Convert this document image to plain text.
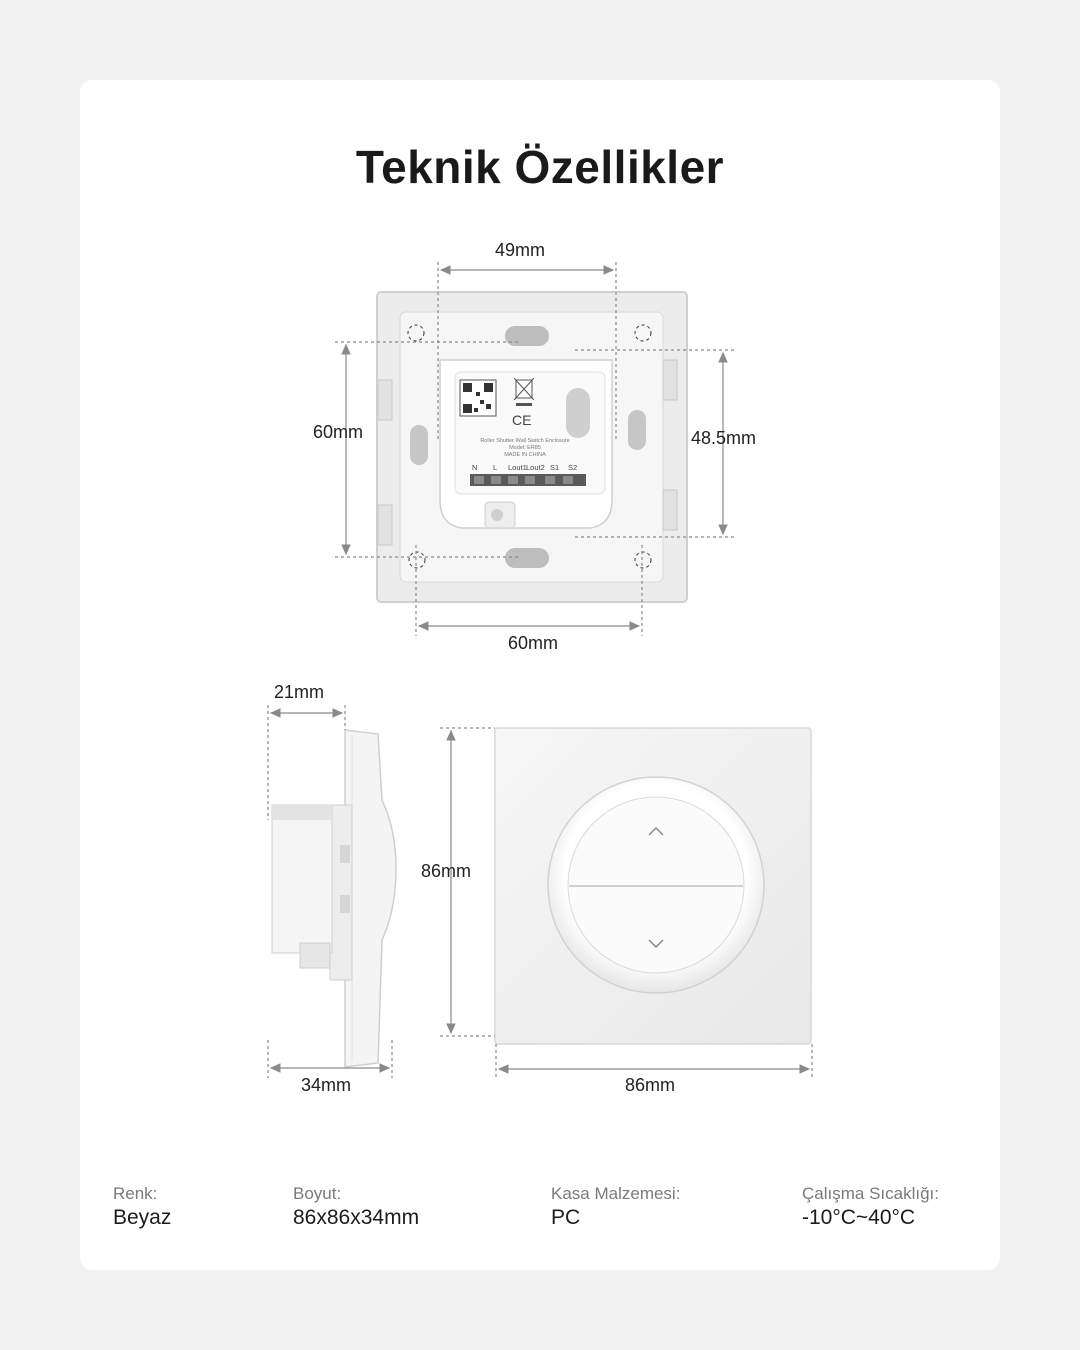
Teknik Özellikler
CE
Roller Shutter Wall Switch Enclosure
Model: ER85
MADE IN CHINA
N L Lout1 Lout2 S1 S2
49mm
60mm	48.5mm
60mm
21mm
34mm
86mm
86mm
Renk:
Beyaz
Boyut:
86x86x34mm
Kasa Malzemesi:
PC
Çalışma Sıcaklığı:
-10°C~40°C
